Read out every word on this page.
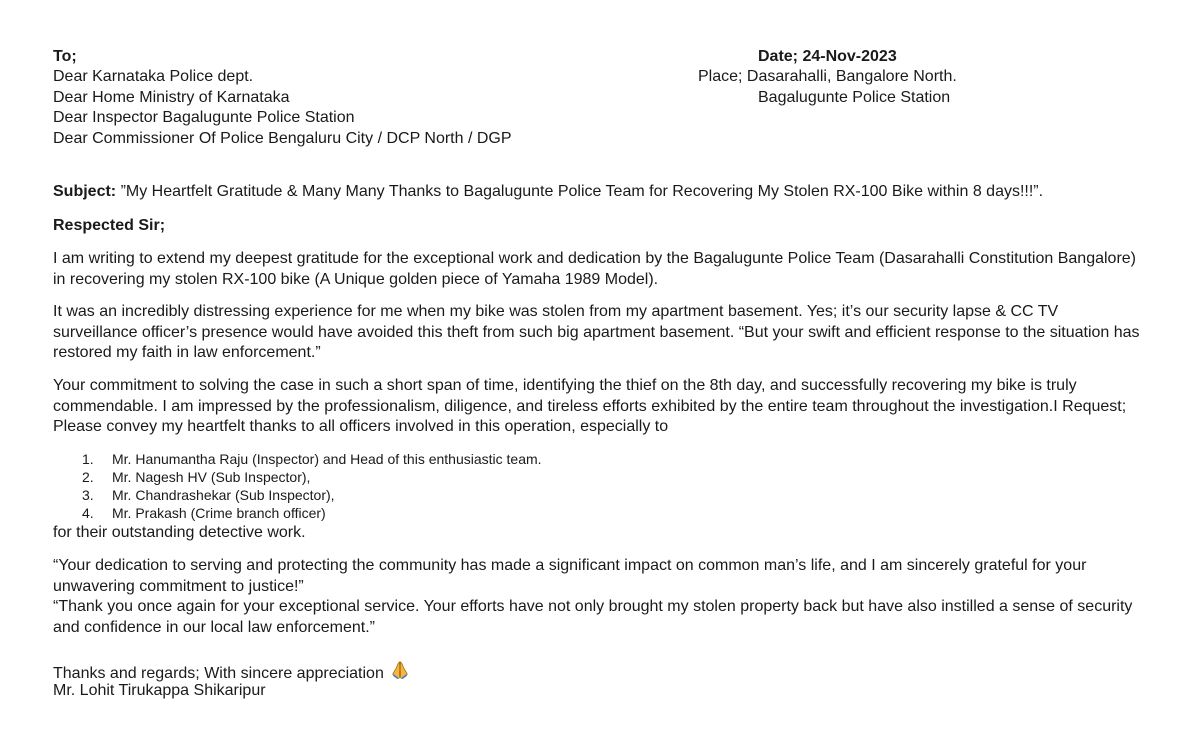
To;
Dear Karnataka Police dept.
Dear Home Ministry of Karnataka
Dear Inspector Bagalugunte Police Station
Dear Commissioner Of Police Bengaluru City / DCP North / DGP
Date; 24-Nov-2023
Place; Dasarahalli, Bangalore North.
Bagalugunte Police Station
Subject: ”My Heartfelt Gratitude & Many Many Thanks to Bagalugunte Police Team for Recovering My Stolen RX-100 Bike within 8 days!!!”.
Respected Sir;
I am writing to extend my deepest gratitude for the exceptional work and dedication by the Bagalugunte Police Team (Dasarahalli Constitution Bangalore) in recovering my stolen RX-100 bike (A Unique golden piece of Yamaha 1989 Model).
It was an incredibly distressing experience for me when my bike was stolen from my apartment basement. Yes; it’s our security lapse & CC TV surveillance officer’s presence would have avoided this theft from such big apartment basement. “But your swift and efficient response to the situation has restored my faith in law enforcement.”
Your commitment to solving the case in such a short span of time, identifying the thief on the 8th day, and successfully recovering my bike is truly commendable. I am impressed by the professionalism, diligence, and tireless efforts exhibited by the entire team throughout the investigation.I Request; Please convey my heartfelt thanks to all officers involved in this operation, especially to
1. Mr. Hanumantha Raju (Inspector) and Head of this enthusiastic team.
2. Mr. Nagesh HV (Sub Inspector),
3. Mr. Chandrashekar (Sub Inspector),
4. Mr. Prakash (Crime branch officer)
for their outstanding detective work.
“Your dedication to serving and protecting the community has made a significant impact on common man’s life, and I am sincerely grateful for your unwavering commitment to justice!”
“Thank you once again for your exceptional service. Your efforts have not only brought my stolen property back but have also instilled a sense of security and confidence in our local law enforcement.”
Thanks and regards; With sincere appreciation
Mr. Lohit Tirukappa Shikaripur
